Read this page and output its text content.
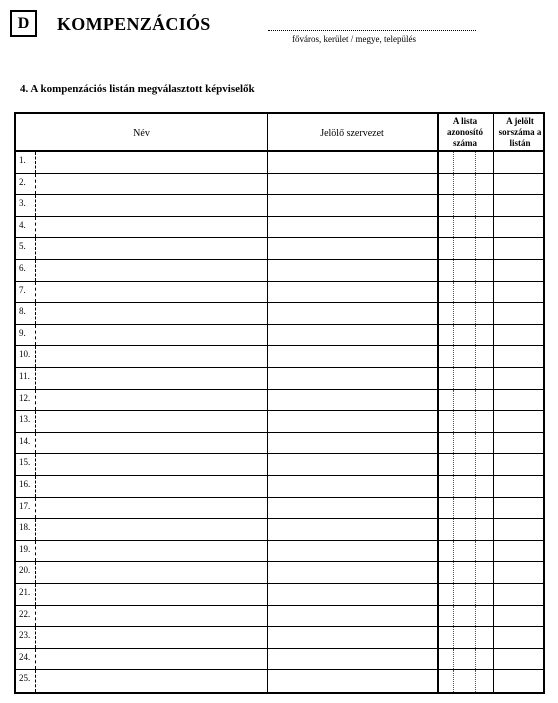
D KOMPENZÁCIÓS
főváros, kerület / megye, település
4. A kompenzációs listán megválasztott képviselők
Név	Jelölő szervezet
A lista azonosító száma
A jelölt sorszáma a listán
1.
2.
3.
4.
5.
6.
7.
8.
9.
10.
11.
12.
13.
14.
15.
16.
17.
18.
19.
20.
21.
22.
23.
24.
25.
